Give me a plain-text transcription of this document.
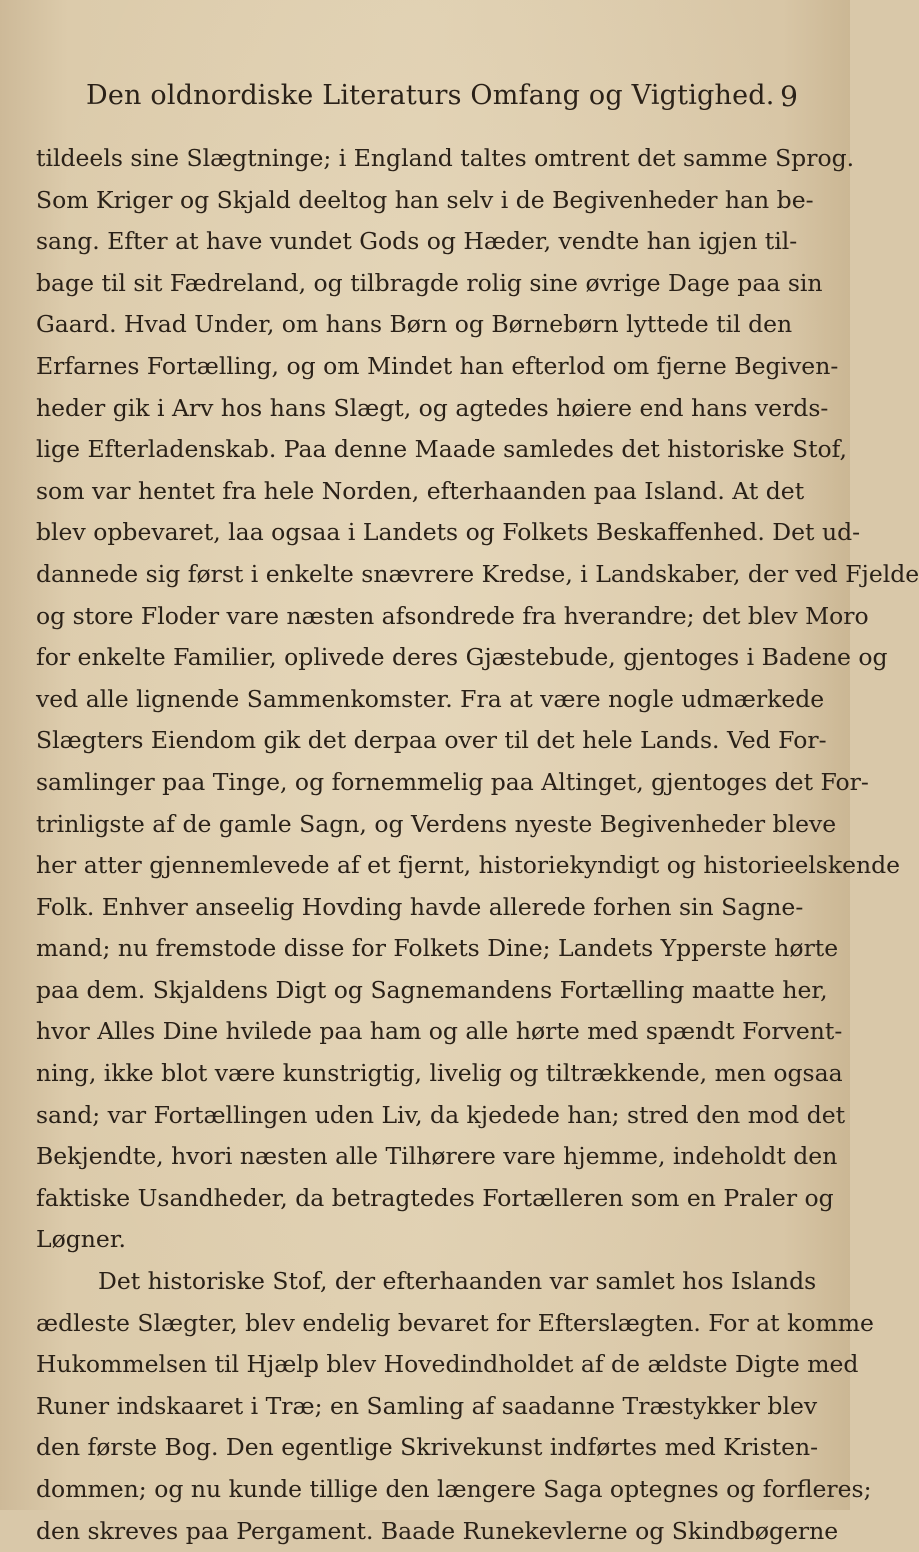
Den oldnordiske Literaturs Omfang og Vigtighed. 9
tildeels sine Slægtninge; i England taltes omtrent det samme Sprog.
Som Kriger og Skjald deeltog han selv i de Begivenheder han be-
sang. Efter at have vundet Gods og Hæder, vendte han igjen til-
bage til sit Fædreland, og tilbragde rolig sine øvrige Dage paa sin
Gaard. Hvad Under, om hans Børn og Børnebørn lyttede til den
Erfarnes Fortælling, og om Mindet han efterlod om fjerne Begiven-
heder gik i Arv hos hans Slægt, og agtedes høiere end hans verds-
lige Efterladenskab. Paa denne Maade samledes det historiske Stof,
som var hentet fra hele Norden, efterhaanden paa Island. At det
blev opbevaret, laa ogsaa i Landets og Folkets Beskaffenhed. Det ud-
dannede sig først i enkelte snævrere Kredse, i Landskaber, der ved Fjelde
og store Floder vare næsten afsondrede fra hverandre; det blev Moro
for enkelte Familier, oplivede deres Gjæstebude, gjentoges i Badene og
ved alle lignende Sammenkomster. Fra at være nogle udmærkede
Slægters Eiendom gik det derpaa over til det hele Lands. Ved For-
samlinger paa Tinge, og fornemmelig paa Altinget, gjentoges det For-
trinligste af de gamle Sagn, og Verdens nyeste Begivenheder bleve
her atter gjennemlevede af et fjernt, historiekyndigt og historieelskende
Folk. Enhver anseelig Hovding havde allerede forhen sin Sagne-
mand; nu fremstode disse for Folkets Dine; Landets Ypperste hørte
paa dem. Skjaldens Digt og Sagnemandens Fortælling maatte her,
hvor Alles Dine hvilede paa ham og alle hørte med spændt Forvent-
ning, ikke blot være kunstrigtig, livelig og tiltrækkende, men ogsaa
sand; var Fortællingen uden Liv, da kjedede han; stred den mod det
Bekjendte, hvori næsten alle Tilhørere vare hjemme, indeholdt den
faktiske Usandheder, da betragtedes Fortælleren som en Praler og
Løgner.
Det historiske Stof, der efterhaanden var samlet hos Islands
ædleste Slægter, blev endelig bevaret for Efterslægten. For at komme
Hukommelsen til Hjælp blev Hovedindholdet af de ældste Digte med
Runer indskaaret i Træ; en Samling af saadanne Træstykker blev
den første Bog. Den egentlige Skrivekunst indførtes med Kristen-
dommen; og nu kunde tillige den længere Saga optegnes og forfleres;
den skreves paa Pergament. Baade Runekevlerne og Skindbøgerne
